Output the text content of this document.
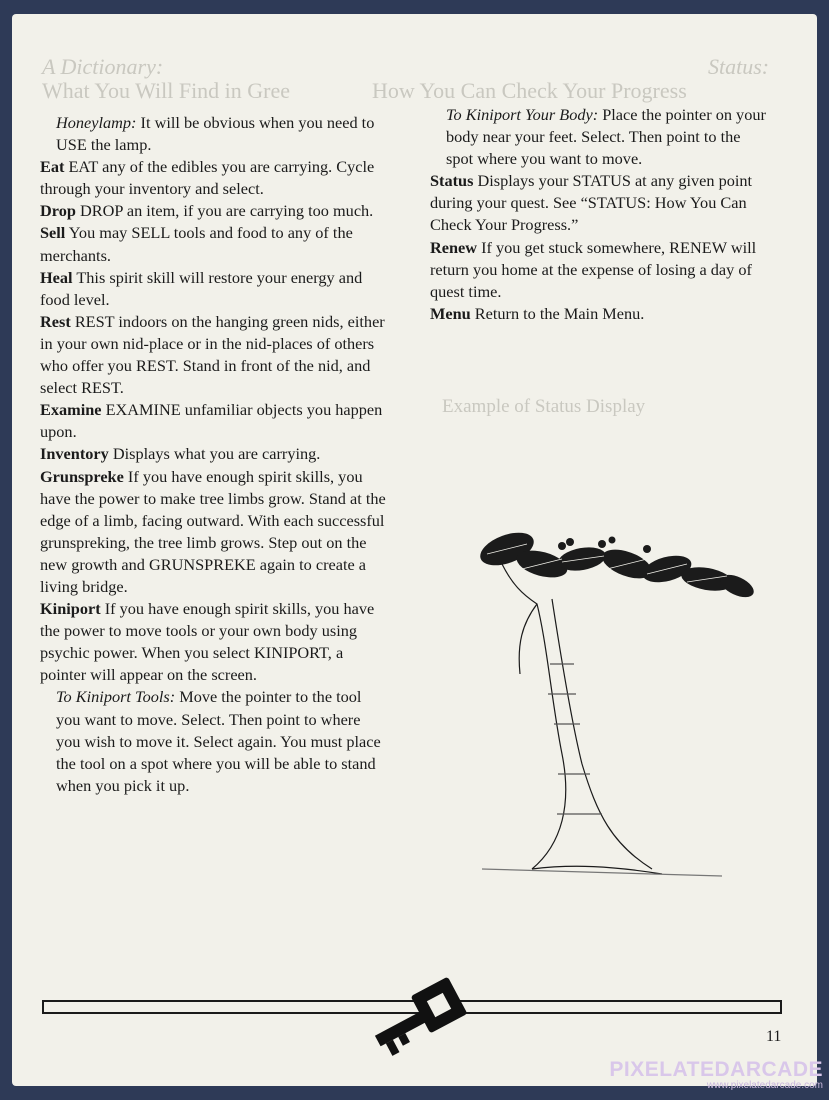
A Dictionary:
What You Will Find in Gree
Status:
How You Can Check Your Progress
Example of Status Display

Honeylamp: It will be obvious when you need to USE the lamp.

Eat EAT any of the edibles you are carrying. Cycle through your inventory and select.

Drop DROP an item, if you are carrying too much.

Sell You may SELL tools and food to any of the merchants.

Heal This spirit skill will restore your energy and food level.

Rest REST indoors on the hanging green nids, either in your own nid-place or in the nid-places of others who offer you REST. Stand in front of the nid, and select REST.

Examine EXAMINE unfamiliar objects you happen upon.

Inventory Displays what you are carrying.

Grunspreke If you have enough spirit skills, you have the power to make tree limbs grow. Stand at the edge of a limb, facing outward. With each successful grunspreking, the tree limb grows. Step out on the new growth and GRUNSPREKE again to create a living bridge.

Kiniport If you have enough spirit skills, you have the power to move tools or your own body using psychic power. When you select KINIPORT, a pointer will appear on the screen.

To Kiniport Tools: Move the pointer to the tool you want to move. Select. Then point to where you wish to move it. Select again. You must place the tool on a spot where you will be able to stand when you pick it up.

To Kiniport Your Body: Place the pointer on your body near your feet. Select. Then point to the spot where you want to move.

Status Displays your STATUS at any given point during your quest. See “STATUS: How You Can Check Your Progress.”

Renew If you get stuck somewhere, RENEW will return you home at the expense of losing a day of quest time.

Menu Return to the Main Menu.

11
PIXELATEDARCADE
www.pixelatedarcade.com
